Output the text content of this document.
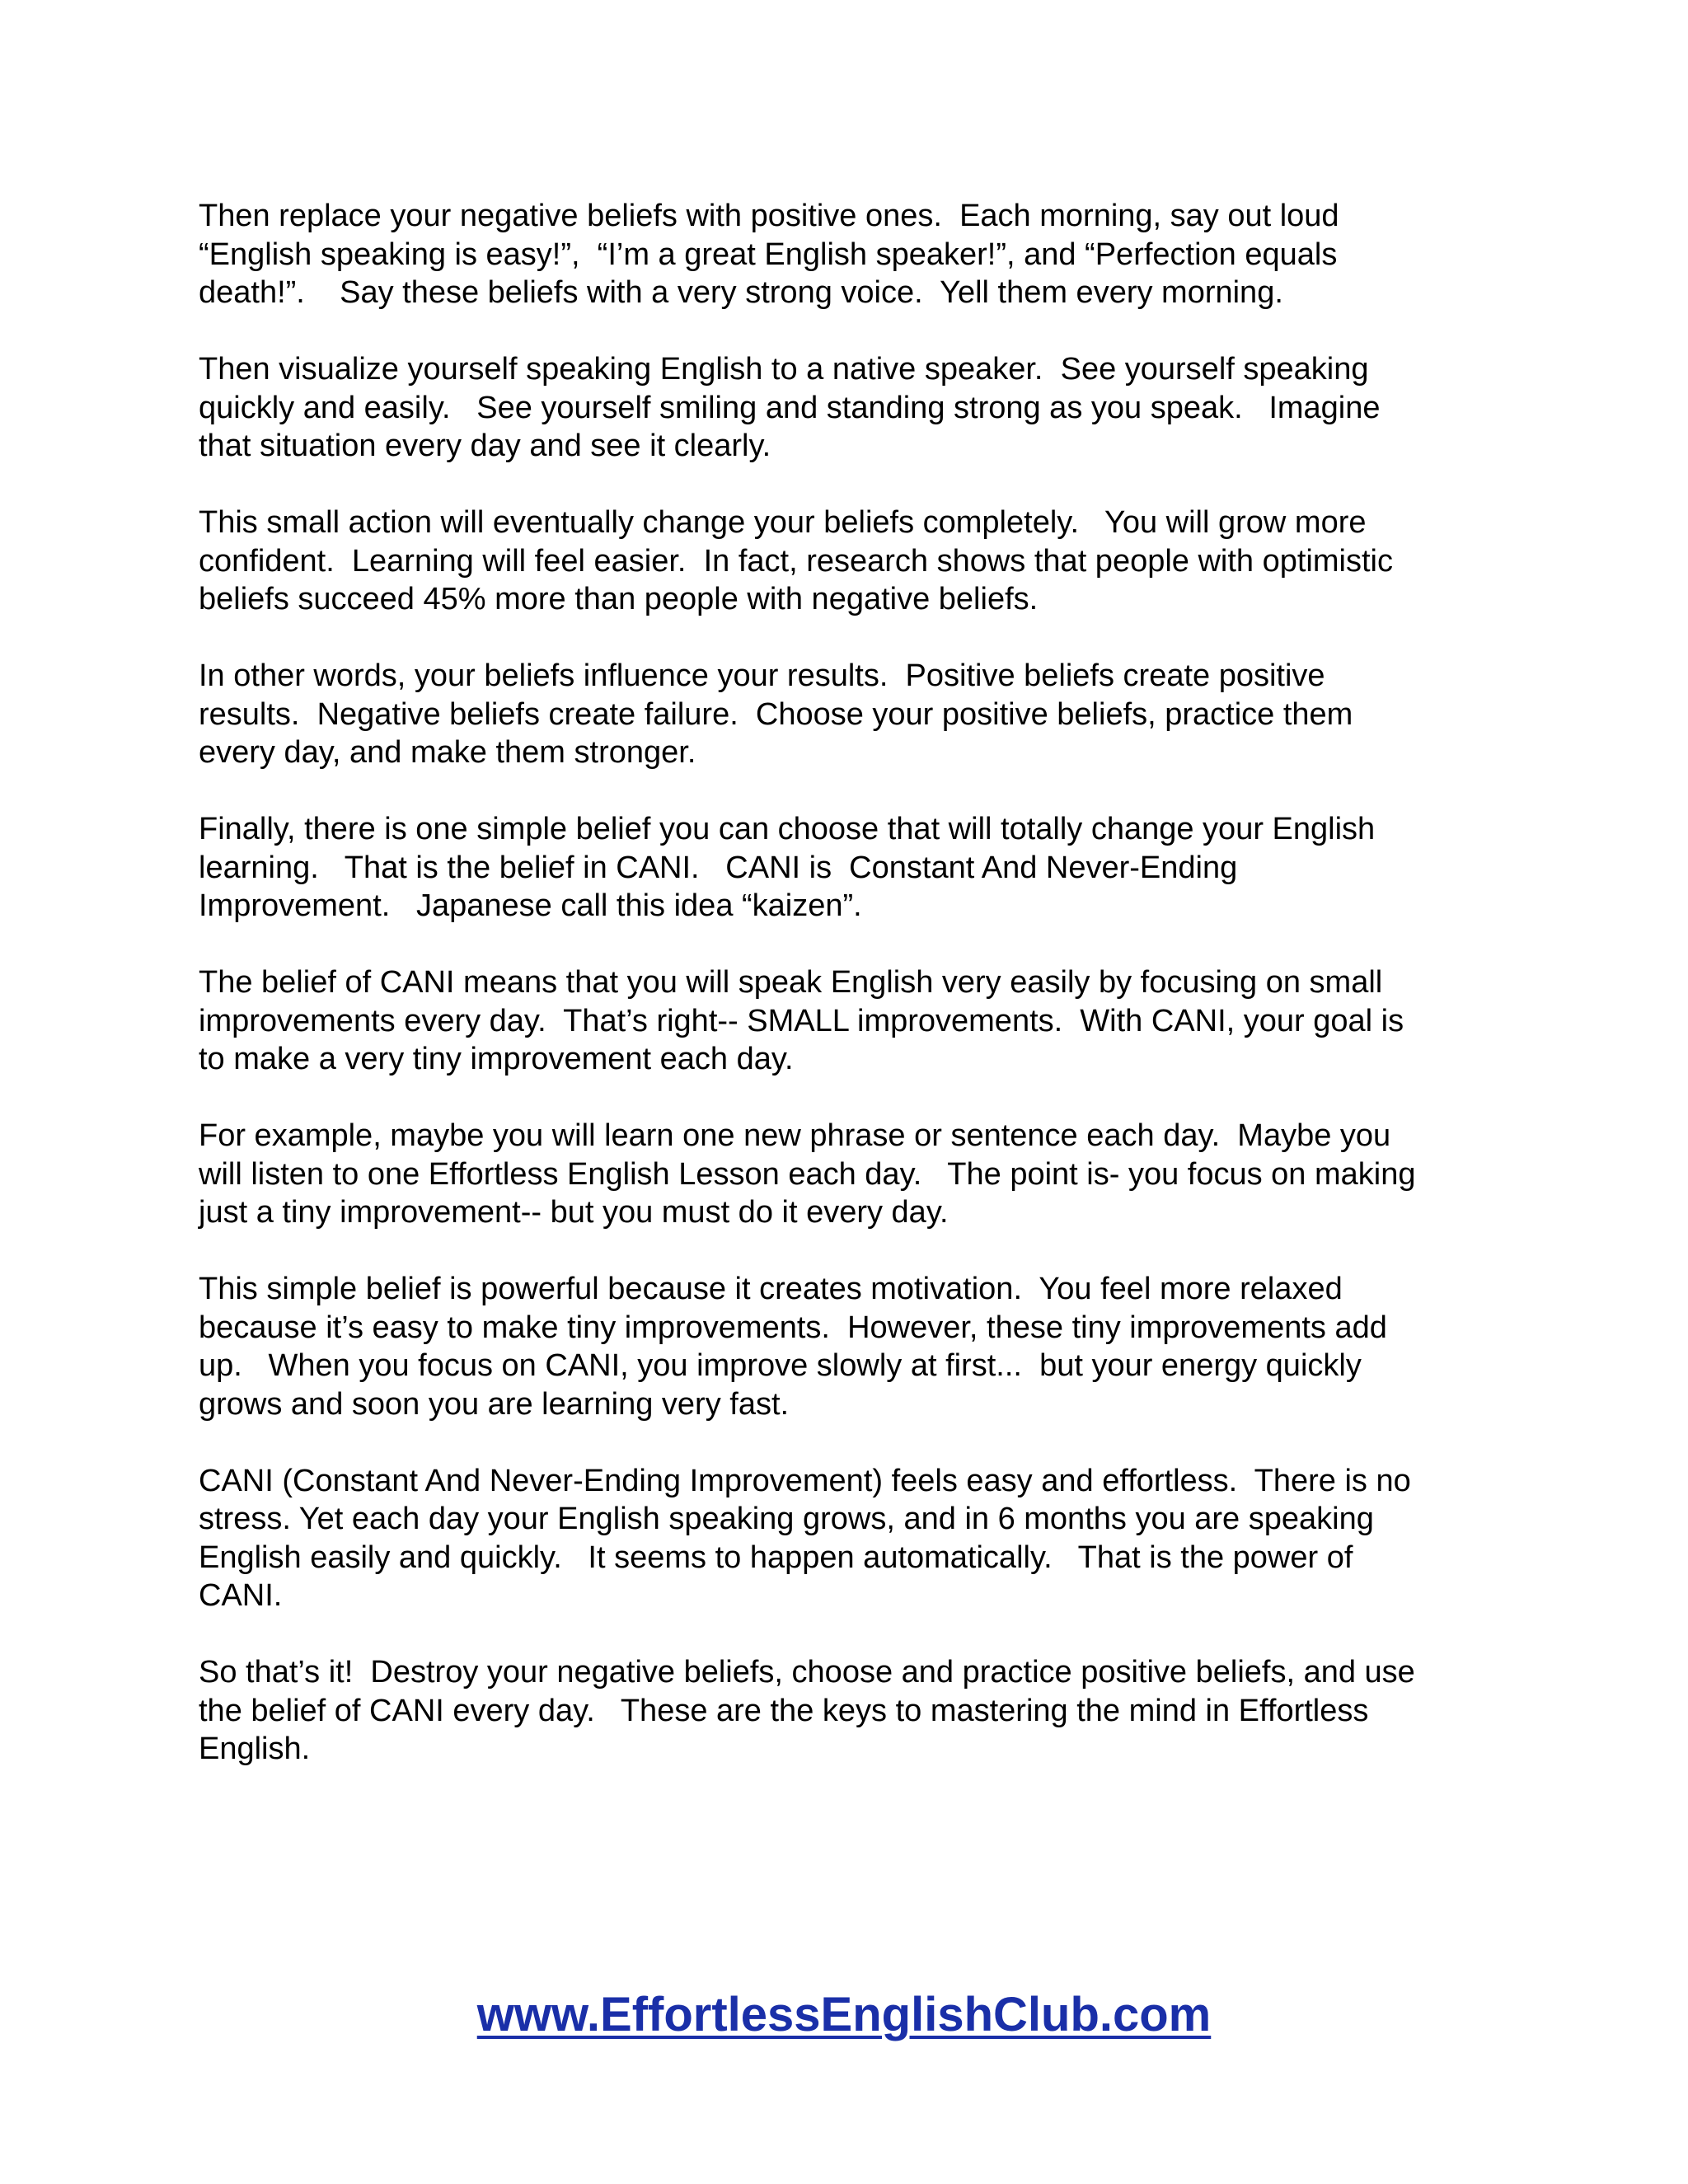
Then replace your negative beliefs with positive ones.  Each morning, say out loud
“English speaking is easy!”,  “I’m a great English speaker!”, and “Perfection equals
death!”.    Say these beliefs with a very strong voice.  Yell them every morning.

Then visualize yourself speaking English to a native speaker.  See yourself speaking
quickly and easily.   See yourself smiling and standing strong as you speak.   Imagine
that situation every day and see it clearly.

This small action will eventually change your beliefs completely.   You will grow more
confident.  Learning will feel easier.  In fact, research shows that people with optimistic
beliefs succeed 45% more than people with negative beliefs.

In other words, your beliefs influence your results.  Positive beliefs create positive
results.  Negative beliefs create failure.  Choose your positive beliefs, practice them
every day, and make them stronger.

Finally, there is one simple belief you can choose that will totally change your English
learning.   That is the belief in CANI.   CANI is  Constant And Never-Ending
Improvement.   Japanese call this idea “kaizen”.

The belief of CANI means that you will speak English very easily by focusing on small
improvements every day.  That’s right-- SMALL improvements.  With CANI, your goal is
to make a very tiny improvement each day.

For example, maybe you will learn one new phrase or sentence each day.  Maybe you
will listen to one Effortless English Lesson each day.   The point is- you focus on making
just a tiny improvement-- but you must do it every day.

This simple belief is powerful because it creates motivation.  You feel more relaxed
because it’s easy to make tiny improvements.  However, these tiny improvements add
up.   When you focus on CANI, you improve slowly at first...  but your energy quickly
grows and soon you are learning very fast.

CANI (Constant And Never-Ending Improvement) feels easy and effortless.  There is no
stress. Yet each day your English speaking grows, and in 6 months you are speaking
English easily and quickly.   It seems to happen automatically.   That is the power of
CANI.

So that’s it!  Destroy your negative beliefs, choose and practice positive beliefs, and use
the belief of CANI every day.   These are the keys to mastering the mind in Effortless
English.

www.EffortlessEnglishClub.com
